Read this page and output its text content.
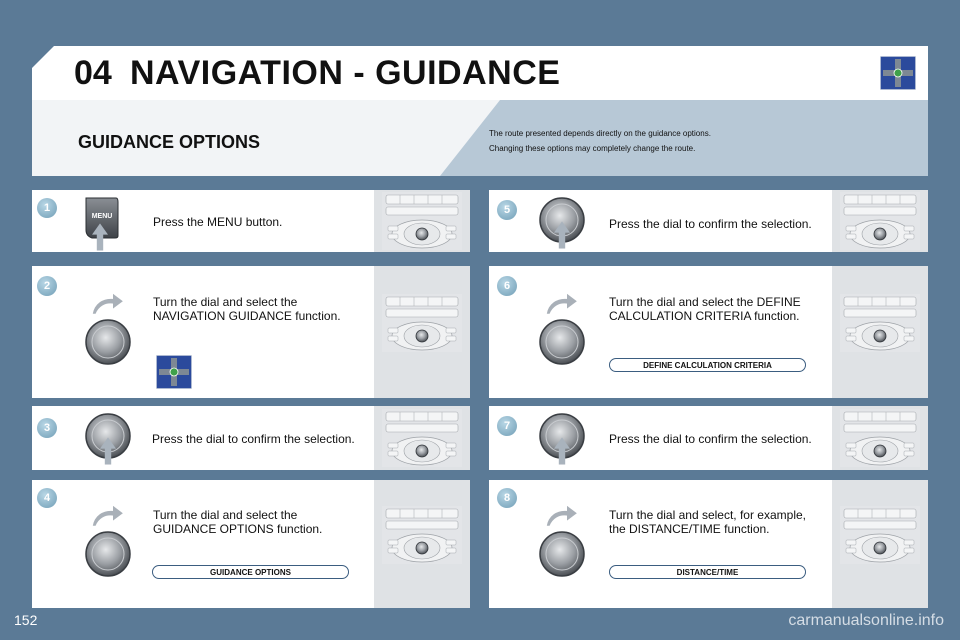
04 NAVIGATION - GUIDANCE
GUIDANCE OPTIONS	The route presented depends directly on the guidance options.
Changing these options may completely change the route.
1
MENU	Press the MENU button.
2
Turn the dial and select the
NAVIGATION GUIDANCE function.
3
Press the dial to confirm the selection.
4
Turn the dial and select the
GUIDANCE OPTIONS function.
GUIDANCE OPTIONS
5
Press the dial to confirm the selection.
6
Turn the dial and select the DEFINE
CALCULATION CRITERIA function.
DEFINE CALCULATION CRITERIA
7
Press the dial to confirm the selection.
8
Turn the dial and select, for example,
the DISTANCE/TIME function.
DISTANCE/TIME
152	carmanualsonline.info
